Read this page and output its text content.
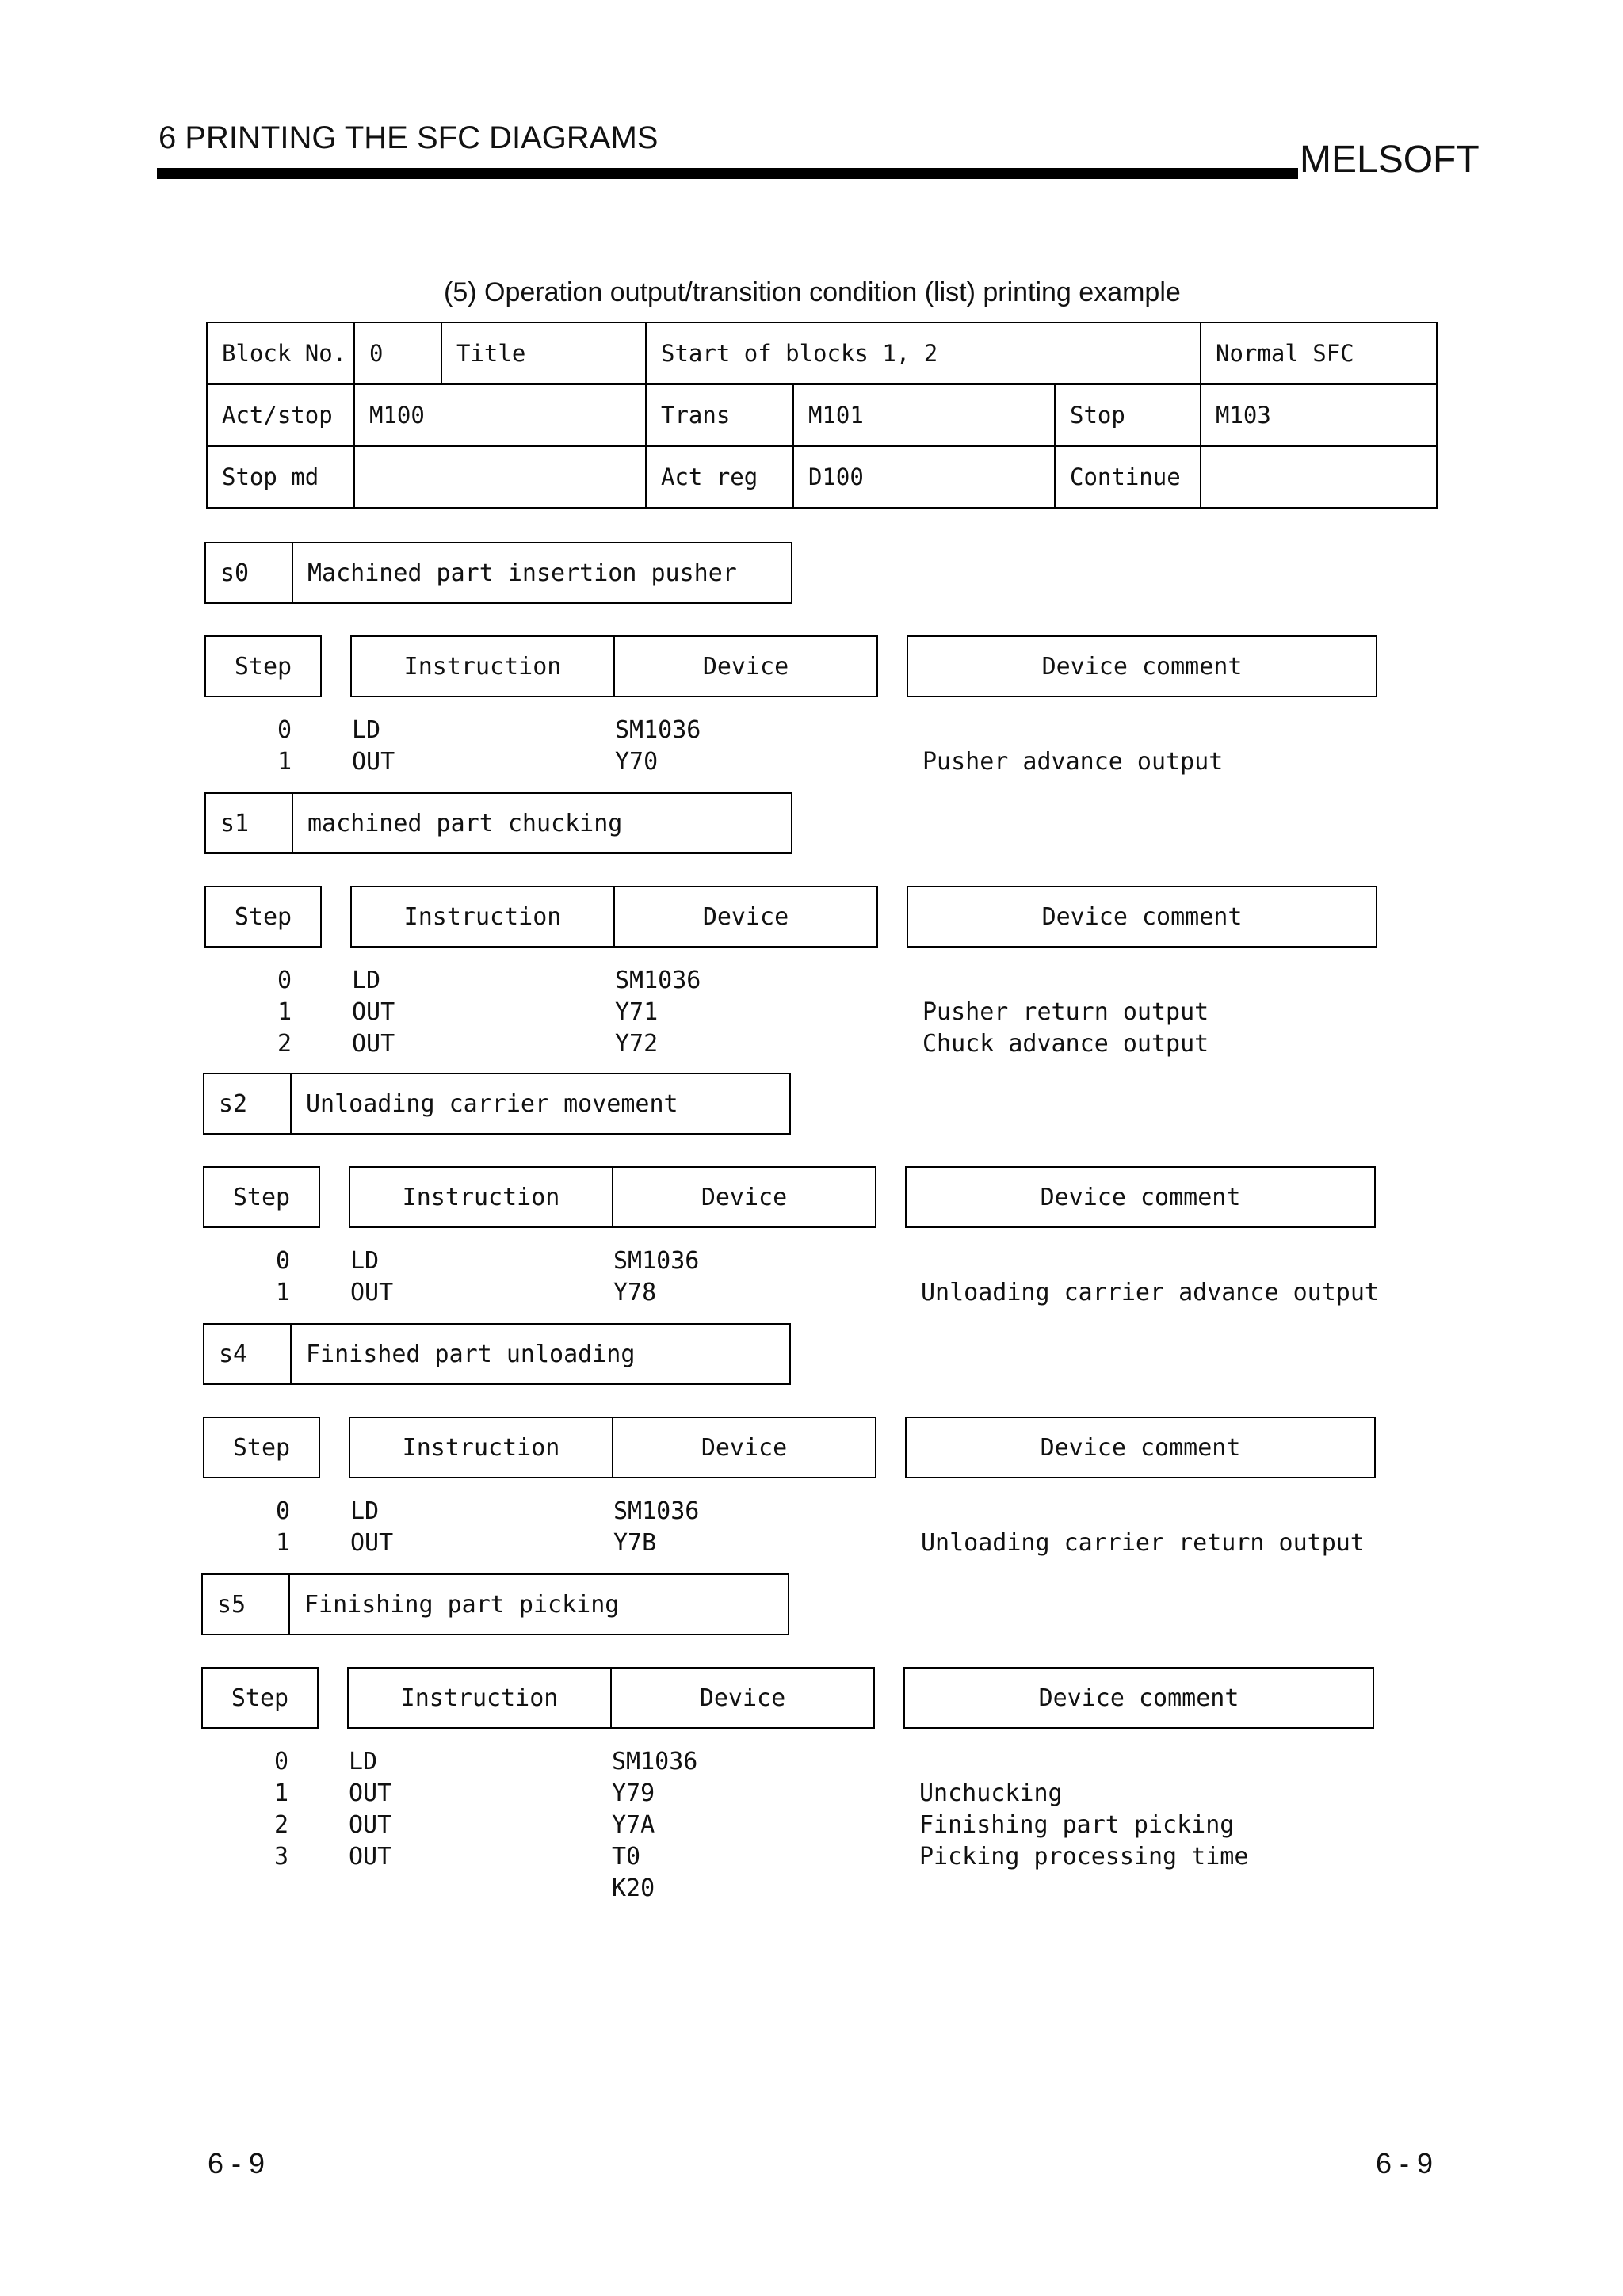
6 PRINTING THE SFC DIAGRAMS
MELSOFT
(5) Operation output/transition condition (list) printing example
Block No.	0	Title	Start of blocks 1, 2			Normal SFC
Act/stop	M100		Trans	M101	Stop	M103
Stop md			Act reg	D100	Continue	
s0	Machined part insertion pusher
Step	Instruction	Device	Device comment
0	LD	SM1036
1	OUT	Y70	Pusher advance output
s1	machined part chucking
Step	Instruction	Device	Device comment
0	LD	SM1036
1	OUT	Y71	Pusher return output
2	OUT	Y72	Chuck advance output
s2	Unloading carrier movement
Step	Instruction	Device	Device comment
0	LD	SM1036
1	OUT	Y78	Unloading carrier advance output
s4	Finished part unloading
Step	Instruction	Device	Device comment
0	LD	SM1036
1	OUT	Y7B	Unloading carrier return output
s5	Finishing part picking
Step	Instruction	Device	Device comment
0	LD	SM1036
1	OUT	Y79	Unchucking
2	OUT	Y7A	Finishing part picking
3	OUT	T0	Picking processing time
K20
6 - 9	6 - 9
